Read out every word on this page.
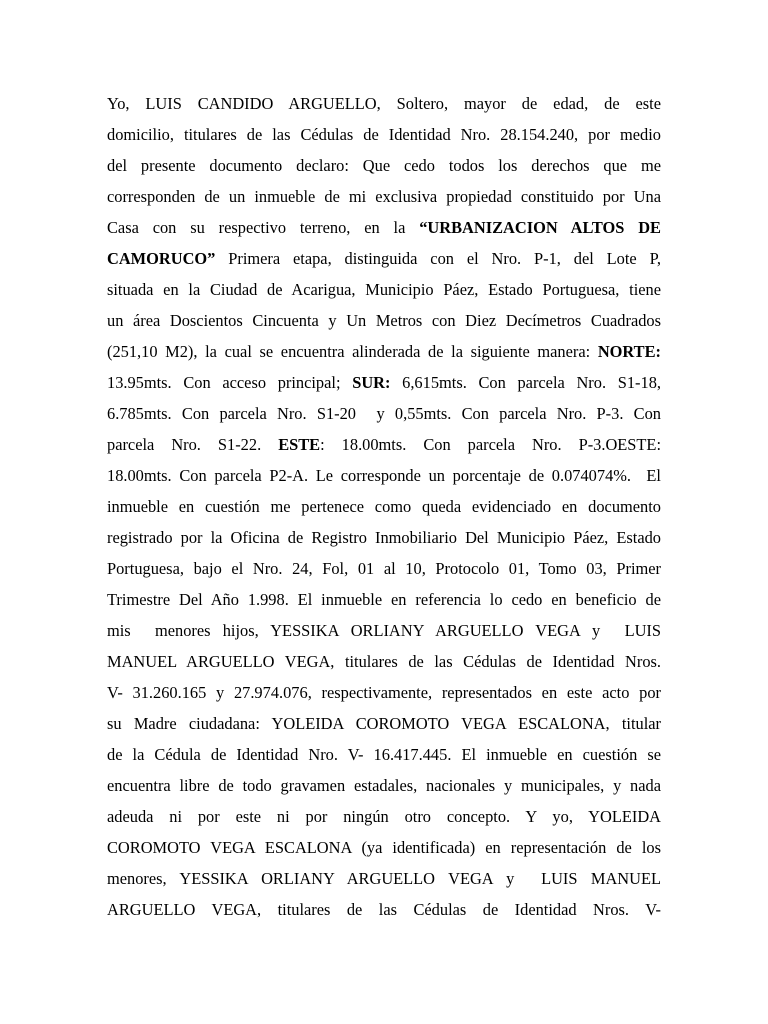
Yo, LUIS CANDIDO ARGUELLO, Soltero, mayor de edad, de este
domicilio, titulares de las Cédulas de Identidad Nro. 28.154.240, por medio
del presente documento declaro: Que cedo todos los derechos que me
corresponden de un inmueble de mi exclusiva propiedad constituido por Una
Casa con su respectivo terreno, en la “URBANIZACION ALTOS DE
CAMORUCO” Primera etapa, distinguida con el Nro. P-1, del Lote P,
situada en la Ciudad de Acarigua, Municipio Páez, Estado Portuguesa, tiene
un área Doscientos Cincuenta y Un Metros con Diez Decímetros Cuadrados
(251,10 M2), la cual se encuentra alinderada de la siguiente manera: NORTE:
13.95mts. Con acceso principal; SUR: 6,615mts. Con parcela Nro. S1-18,
6.785mts. Con parcela Nro. S1-20  y 0,55mts. Con parcela Nro. P-3. Con
parcela Nro. S1-22. ESTE: 18.00mts. Con parcela Nro. P-3.OESTE:
18.00mts. Con parcela P2-A. Le corresponde un porcentaje de 0.074074%.  El
inmueble en cuestión me pertenece como queda evidenciado en documento
registrado por la Oficina de Registro Inmobiliario Del Municipio Páez, Estado
Portuguesa, bajo el Nro. 24, Fol, 01 al 10, Protocolo 01, Tomo 03, Primer
Trimestre Del Año 1.998. El inmueble en referencia lo cedo en beneficio de
mis  menores hijos, YESSIKA ORLIANY ARGUELLO VEGA y  LUIS
MANUEL ARGUELLO VEGA, titulares de las Cédulas de Identidad Nros.
V- 31.260.165 y 27.974.076, respectivamente, representados en este acto por
su Madre ciudadana: YOLEIDA COROMOTO VEGA ESCALONA, titular
de la Cédula de Identidad Nro. V- 16.417.445. El inmueble en cuestión se
encuentra libre de todo gravamen estadales, nacionales y municipales, y nada
adeuda ni por este ni por ningún otro concepto. Y yo, YOLEIDA
COROMOTO VEGA ESCALONA (ya identificada) en representación de los
menores, YESSIKA ORLIANY ARGUELLO VEGA y  LUIS MANUEL
ARGUELLO VEGA, titulares de las Cédulas de Identidad Nros. V-
